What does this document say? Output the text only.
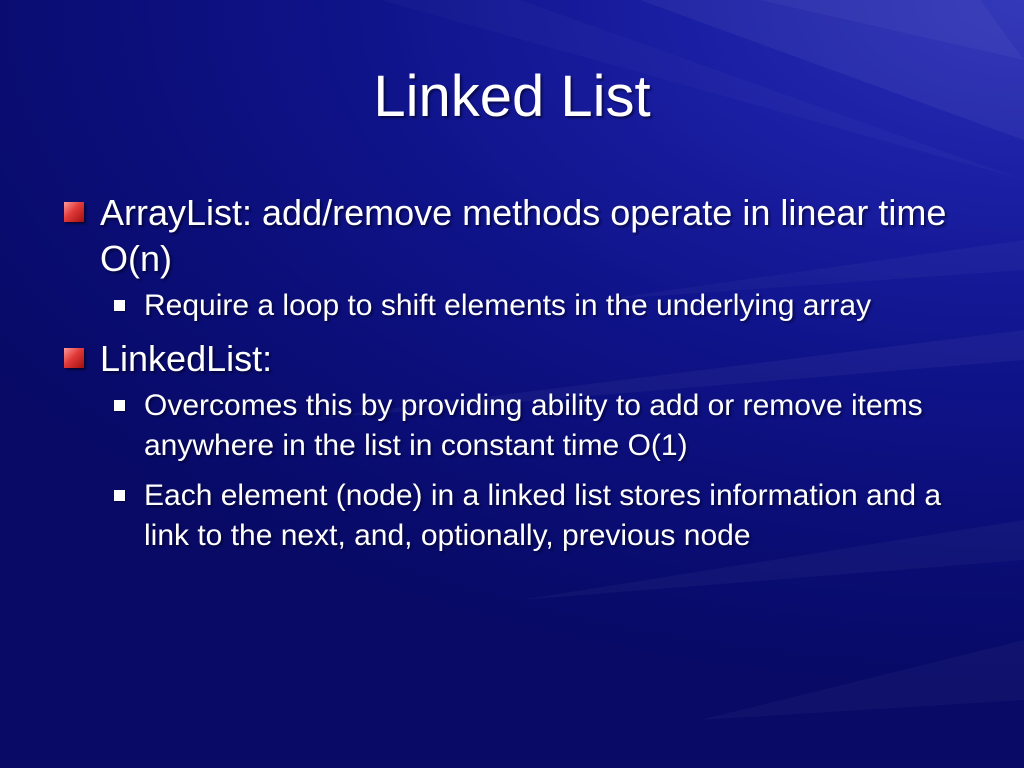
Linked List
ArrayList: add/remove methods operate in linear time O(n)
Require a loop to shift elements in the underlying array
LinkedList:
Overcomes this by providing ability to add or remove items anywhere in the list in constant time O(1)
Each element (node) in a linked list stores information and a link to the next, and, optionally, previous node
